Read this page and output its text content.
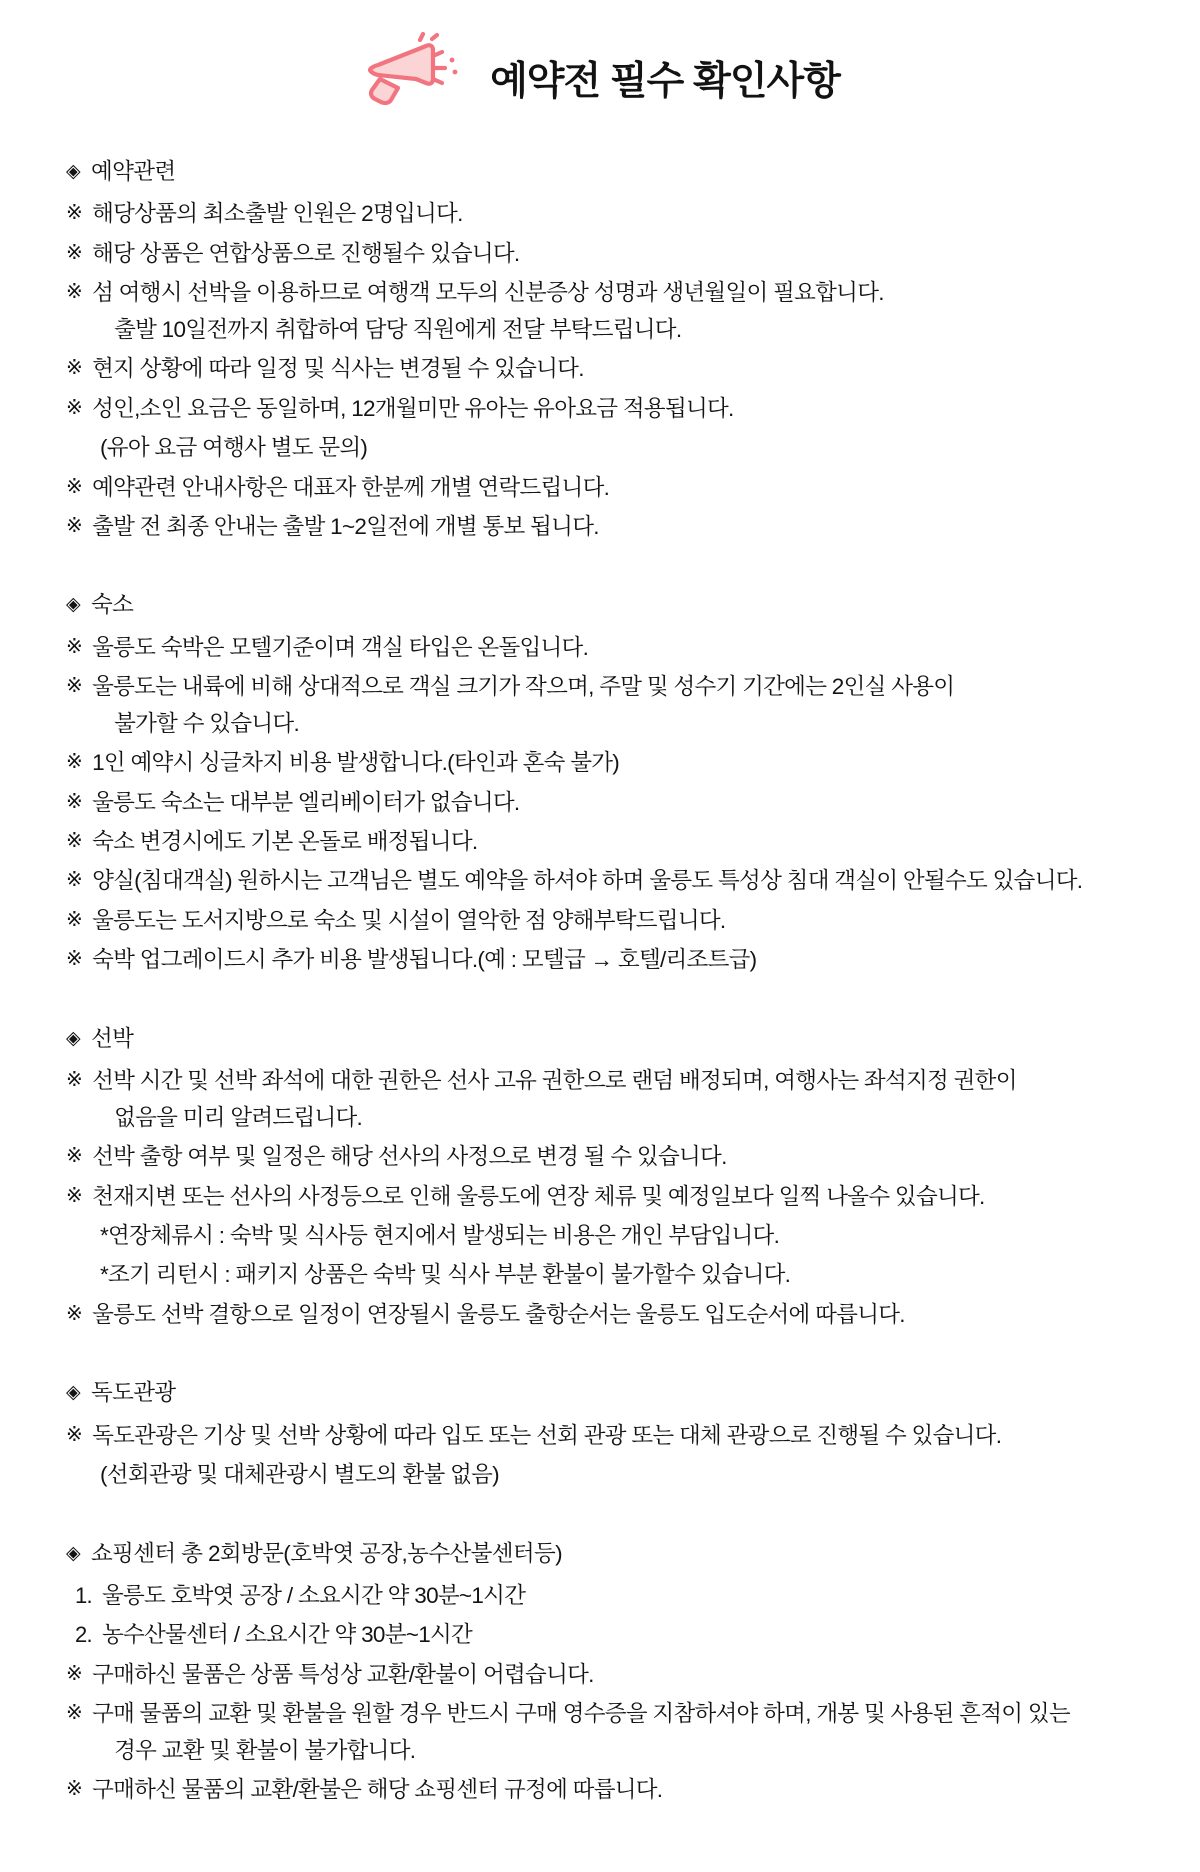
예약전 필수 확인사항
◈ 예약관련
※ 해당상품의 최소출발 인원은 2명입니다.
※ 해당 상품은 연합상품으로 진행될수 있습니다.
※ 섬 여행시 선박을 이용하므로 여행객 모두의 신분증상 성명과 생년월일이 필요합니다.
출발 10일전까지 취합하여 담당 직원에게 전달 부탁드립니다.
※ 현지 상황에 따라 일정 및 식사는 변경될 수 있습니다.
※ 성인,소인 요금은 동일하며, 12개월미만 유아는 유아요금 적용됩니다.
(유아 요금 여행사 별도 문의)
※ 예약관련 안내사항은 대표자 한분께 개별 연락드립니다.
※ 출발 전 최종 안내는 출발 1~2일전에 개별 통보 됩니다.
◈ 숙소
※ 울릉도 숙박은 모텔기준이며 객실 타입은 온돌입니다.
※ 울릉도는 내륙에 비해 상대적으로 객실 크기가 작으며, 주말 및 성수기 기간에는 2인실 사용이
불가할 수 있습니다.
※ 1인 예약시 싱글차지 비용 발생합니다.(타인과 혼숙 불가)
※ 울릉도 숙소는 대부분 엘리베이터가 없습니다.
※ 숙소 변경시에도 기본 온돌로 배정됩니다.
※ 양실(침대객실) 원하시는 고객님은 별도 예약을 하셔야 하며 울릉도 특성상 침대 객실이 안될수도 있습니다.
※ 울릉도는 도서지방으로 숙소 및 시설이 열악한 점 양해부탁드립니다.
※ 숙박 업그레이드시 추가 비용 발생됩니다.(예 : 모텔급 → 호텔/리조트급)
◈ 선박
※ 선박 시간 및 선박 좌석에 대한 권한은 선사 고유 권한으로 랜덤 배정되며, 여행사는 좌석지정 권한이
없음을 미리 알려드립니다.
※ 선박 출항 여부 및 일정은 해당 선사의 사정으로 변경 될 수 있습니다.
※ 천재지변 또는 선사의 사정등으로 인해 울릉도에 연장 체류 및 예정일보다 일찍 나올수 있습니다.
*연장체류시 : 숙박 및 식사등 현지에서 발생되는 비용은 개인 부담입니다.
*조기 리턴시 : 패키지 상품은 숙박 및 식사 부분 환불이 불가할수 있습니다.
※ 울릉도 선박 결항으로 일정이 연장될시 울릉도 출항순서는 울릉도 입도순서에 따릅니다.
◈ 독도관광
※ 독도관광은 기상 및 선박 상황에 따라 입도 또는 선회 관광 또는 대체 관광으로 진행될 수 있습니다.
(선회관광 및 대체관광시 별도의 환불 없음)
◈ 쇼핑센터 총 2회방문(호박엿 공장,농수산불센터등)
1. 울릉도 호박엿 공장 / 소요시간 약 30분~1시간
2. 농수산물센터 / 소요시간 약 30분~1시간
※ 구매하신 물품은 상품 특성상 교환/환불이 어렵습니다.
※ 구매 물품의 교환 및 환불을 원할 경우 반드시 구매 영수증을 지참하셔야 하며, 개봉 및 사용된 흔적이 있는
경우 교환 및 환불이 불가합니다.
※ 구매하신 물품의 교환/환불은 해당 쇼핑센터 규정에 따릅니다.
